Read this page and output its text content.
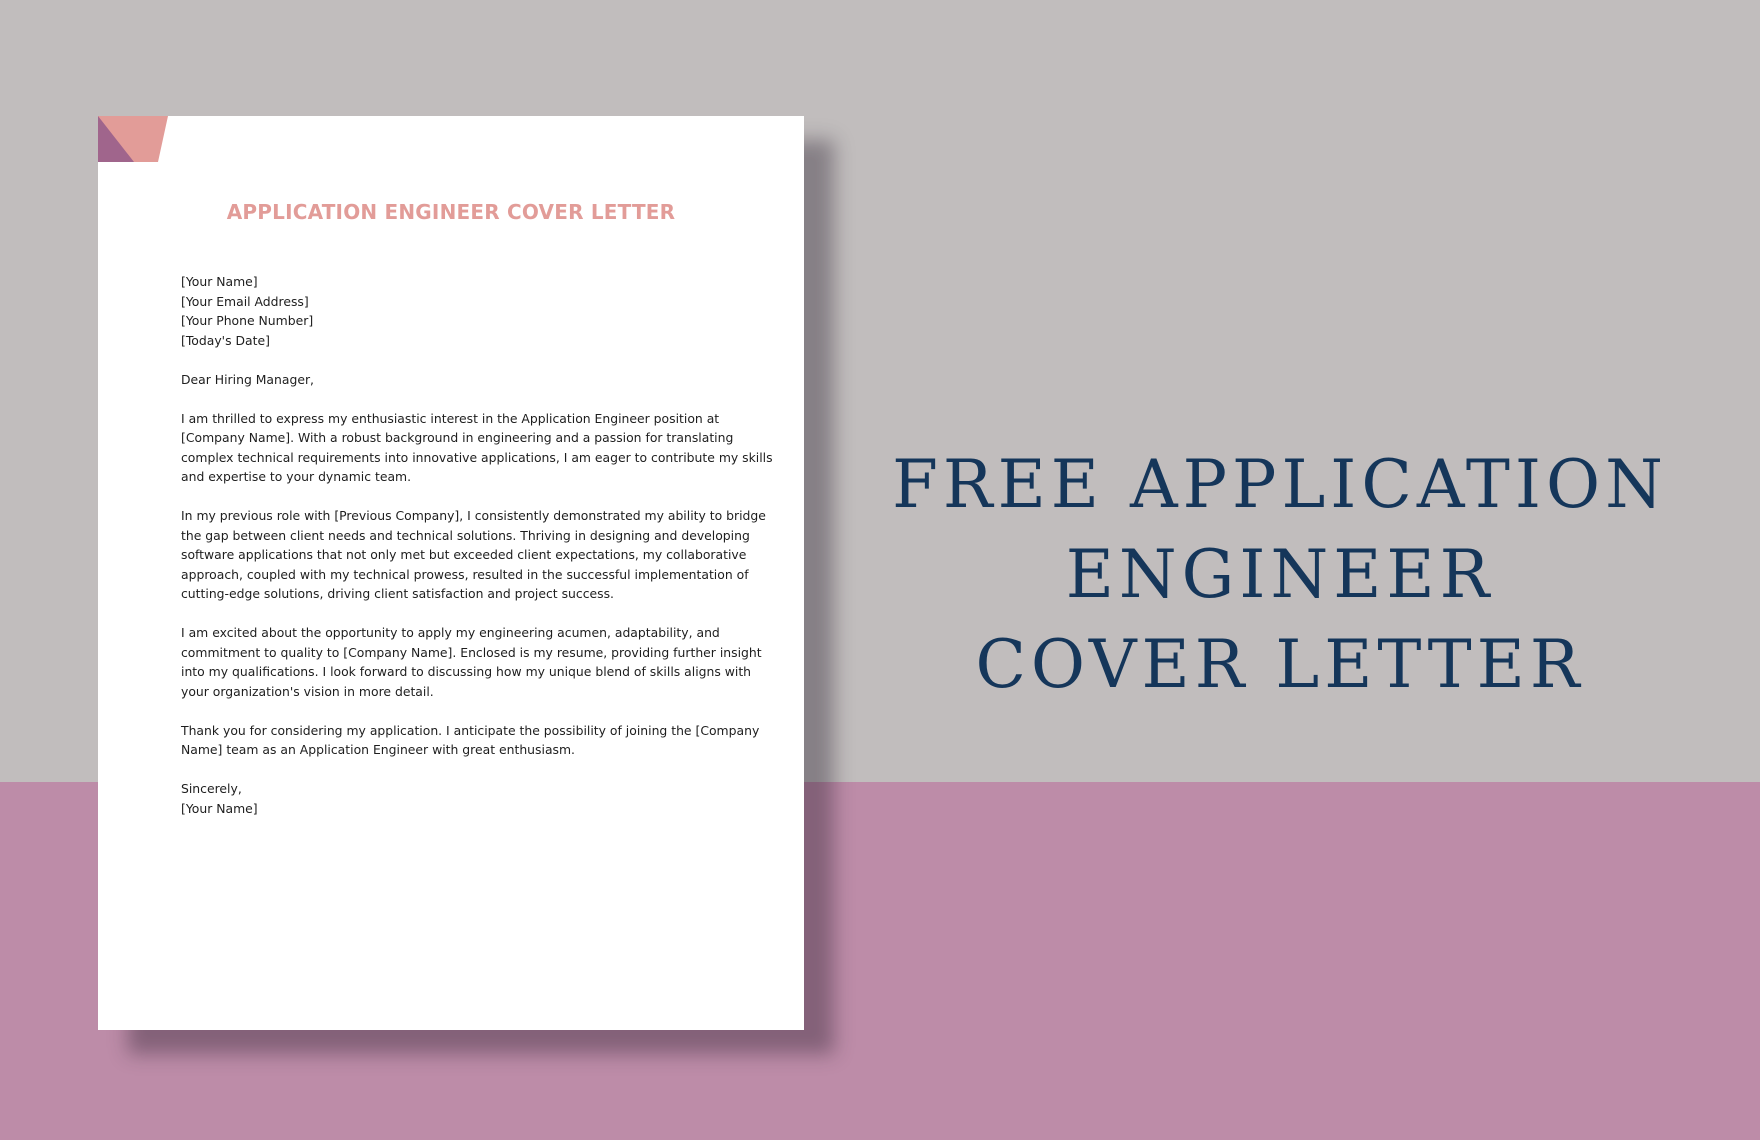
APPLICATION ENGINEER COVER LETTER
[Your Name]
[Your Email Address]
[Your Phone Number]
[Today's Date]
Dear Hiring Manager,
I am thrilled to express my enthusiastic interest in the Application Engineer position at
[Company Name]. With a robust background in engineering and a passion for translating
complex technical requirements into innovative applications, I am eager to contribute my skills
and expertise to your dynamic team.
In my previous role with [Previous Company], I consistently demonstrated my ability to bridge
the gap between client needs and technical solutions. Thriving in designing and developing
software applications that not only met but exceeded client expectations, my collaborative
approach, coupled with my technical prowess, resulted in the successful implementation of
cutting-edge solutions, driving client satisfaction and project success.
I am excited about the opportunity to apply my engineering acumen, adaptability, and
commitment to quality to [Company Name]. Enclosed is my resume, providing further insight
into my qualifications. I look forward to discussing how my unique blend of skills aligns with
your organization's vision in more detail.
Thank you for considering my application. I anticipate the possibility of joining the [Company
Name] team as an Application Engineer with great enthusiasm.
Sincerely,
[Your Name]
FREE APPLICATION
ENGINEER
COVER LETTER
